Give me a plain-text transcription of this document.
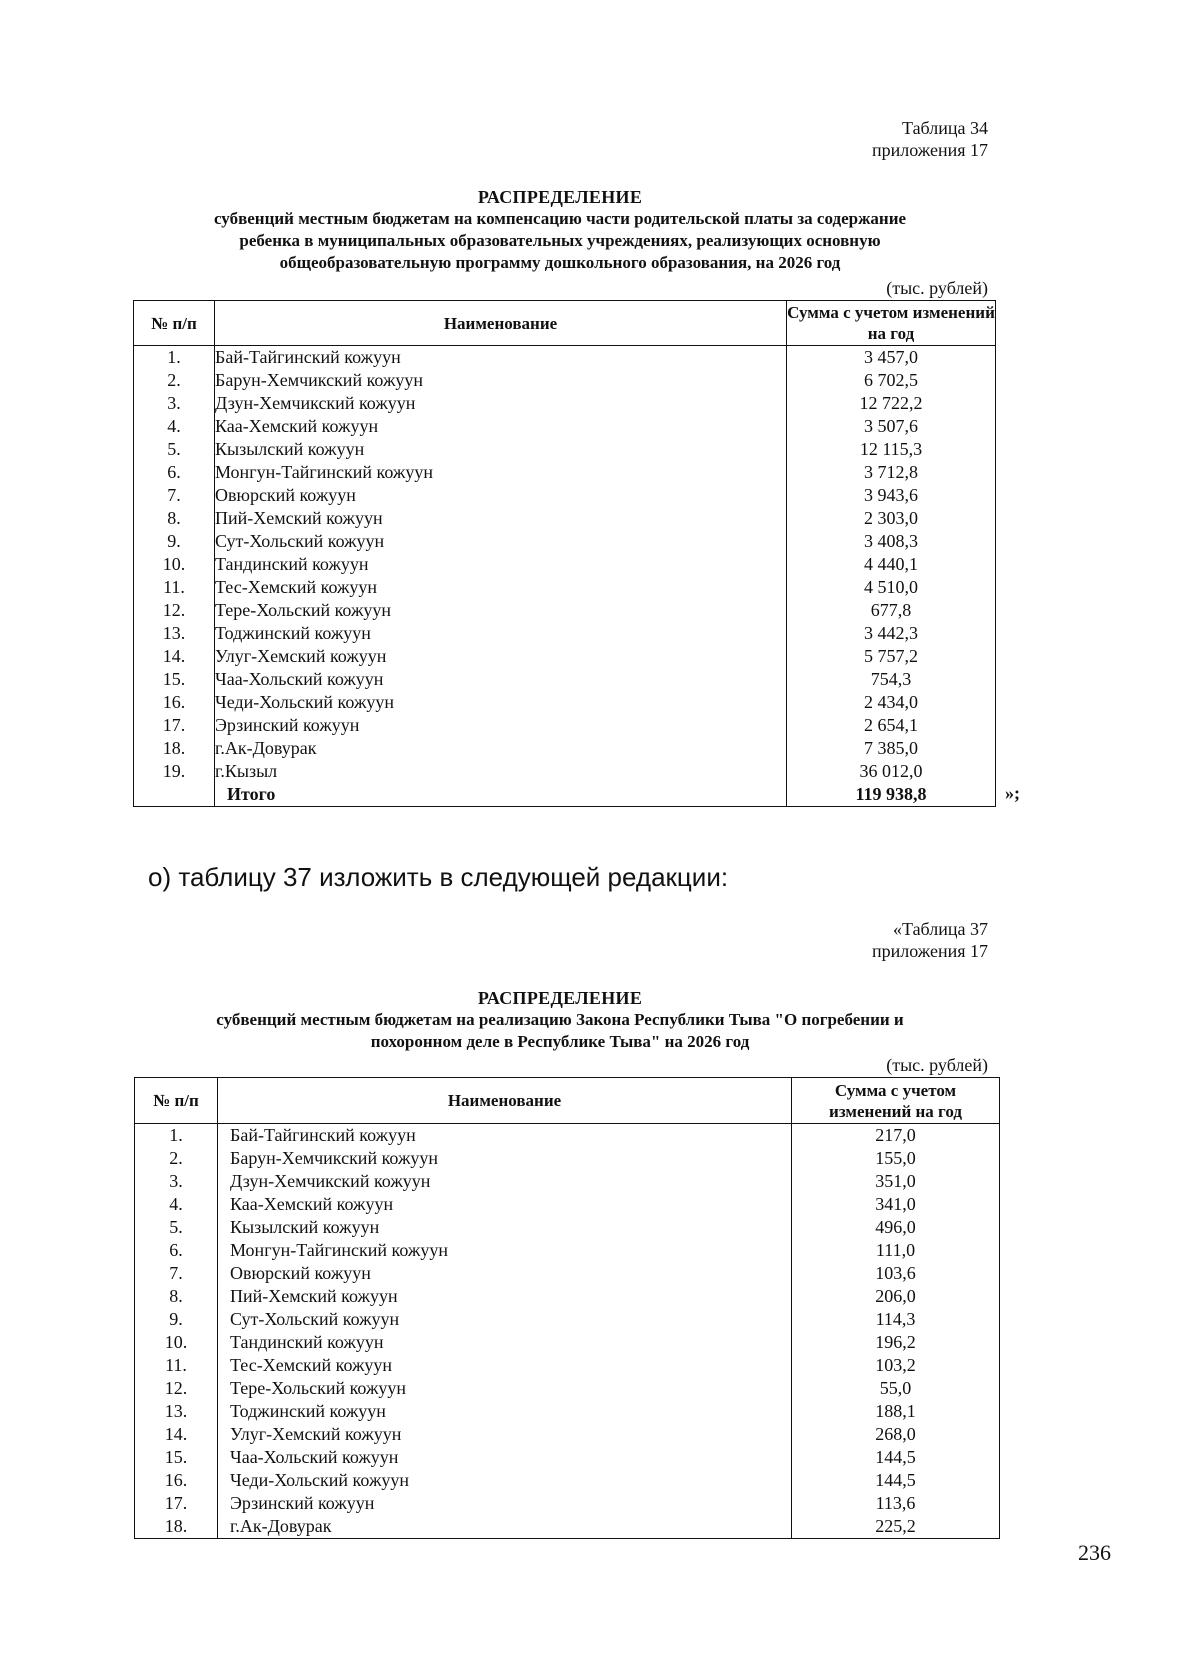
Таблица 34
приложения 17
РАСПРЕДЕЛЕНИЕ
субвенций местным бюджетам на компенсацию части родительской платы за содержание
ребенка в муниципальных образовательных учреждениях, реализующих основную
общеобразовательную программу дошкольного образования, на 2026 год
(тыс. рублей)
№ п/п	Наименование	Сумма с учетом изменений на год
1.	Бай-Тайгинский кожуун	3 457,0
2.	Барун-Хемчикский кожуун	6 702,5
3.	Дзун-Хемчикский кожуун	12 722,2
4.	Каа-Хемский кожуун	3 507,6
5.	Кызылский кожуун	12 115,3
6.	Монгун-Тайгинский кожуун	3 712,8
7.	Овюрский кожуун	3 943,6
8.	Пий-Хемский кожуун	2 303,0
9.	Сут-Хольский кожуун	3 408,3
10.	Тандинский кожуун	4 440,1
11.	Тес-Хемский кожуун	4 510,0
12.	Тере-Хольский кожуун	677,8
13.	Тоджинский кожуун	3 442,3
14.	Улуг-Хемский кожуун	5 757,2
15.	Чаа-Хольский кожуун	754,3
16.	Чеди-Хольский кожуун	2 434,0
17.	Эрзинский кожуун	2 654,1
18.	г.Ак-Довурак	7 385,0
19.	г.Кызыл	36 012,0
	Итого	119 938,8	»;
о) таблицу 37 изложить в следующей редакции:
«Таблица 37
приложения 17
РАСПРЕДЕЛЕНИЕ
субвенций местным бюджетам на реализацию Закона Республики Тыва "О погребении и
похоронном деле в Республике Тыва" на 2026 год
(тыс. рублей)
№ п/п	Наименование	Сумма с учетом изменений на год
1.	Бай-Тайгинский кожуун	217,0
2.	Барун-Хемчикский кожуун	155,0
3.	Дзун-Хемчикский кожуун	351,0
4.	Каа-Хемский кожуун	341,0
5.	Кызылский кожуун	496,0
6.	Монгун-Тайгинский кожуун	111,0
7.	Овюрский кожуун	103,6
8.	Пий-Хемский кожуун	206,0
9.	Сут-Хольский кожуун	114,3
10.	Тандинский кожуун	196,2
11.	Тес-Хемский кожуун	103,2
12.	Тере-Хольский кожуун	55,0
13.	Тоджинский кожуун	188,1
14.	Улуг-Хемский кожуун	268,0
15.	Чаа-Хольский кожуун	144,5
16.	Чеди-Хольский кожуун	144,5
17.	Эрзинский кожуун	113,6
18.	г.Ак-Довурак	225,2
236
